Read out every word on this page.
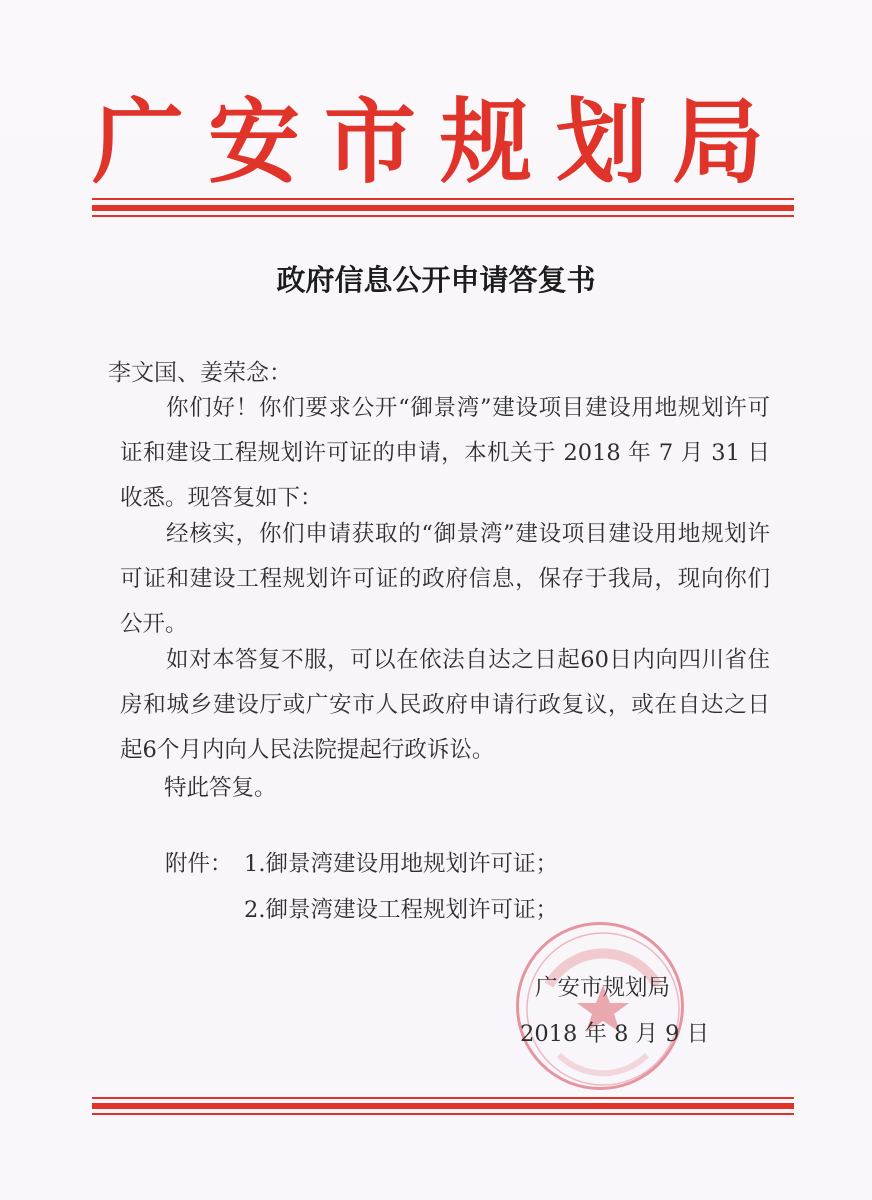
广安市规划局
政府信息公开申请答复书
李文国、姜荣念：

你们好！你们要求公开“御景湾”建设项目建设用地规划许可证和建设工程规划许可证的申请，本机关于 2018 年 7 月 31 日收悉。现答复如下：

经核实，你们申请获取的“御景湾”建设项目建设用地规划许可证和建设工程规划许可证的政府信息，保存于我局，现向你们公开。

如对本答复不服，可以在依法自达之日起60日内向四川省住房和城乡建设厅或广安市人民政府申请行政复议，或在自达之日起6个月内向人民法院提起行政诉讼。

特此答复。
附件： 1.御景湾建设用地规划许可证；
2.御景湾建设工程规划许可证；
广安市规划局
2018 年 8 月 9 日
